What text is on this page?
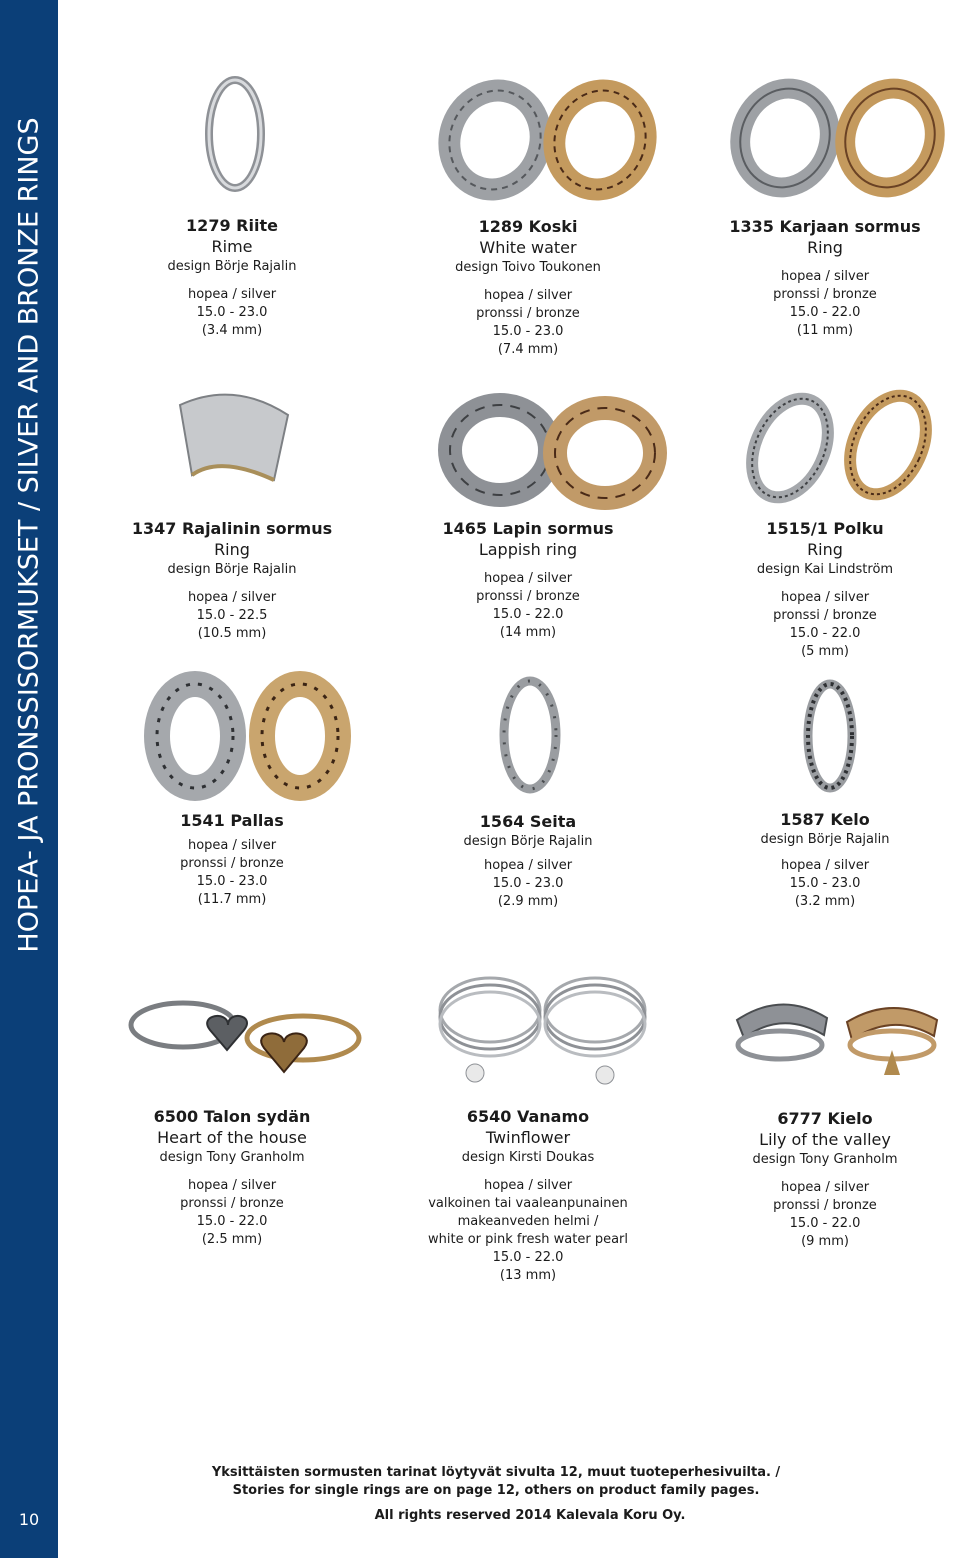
HOPEA- JA PRONSSISORMUKSET / SILVER AND BRONZE RINGS
10
1279 Riite
Rime
design Börje Rajalin
hopea / silver
15.0 - 23.0
(3.4 mm)
1289 Koski
White water
design Toivo Toukonen
hopea / silver
pronssi / bronze
15.0 - 23.0
(7.4 mm)
1335 Karjaan sormus
Ring
hopea / silver
pronssi / bronze
15.0 - 22.0
(11 mm)
1347 Rajalinin sormus
Ring
design Börje Rajalin
hopea / silver
15.0 - 22.5
(10.5 mm)
1465 Lapin sormus
Lappish ring
hopea / silver
pronssi / bronze
15.0 - 22.0
(14 mm)
1515/1 Polku
Ring
design Kai Lindström
hopea / silver
pronssi / bronze
15.0 - 22.0
(5 mm)
1541 Pallas
hopea / silver
pronssi / bronze
15.0 - 23.0
(11.7 mm)
1564 Seita
design Börje Rajalin
hopea / silver
15.0 - 23.0
(2.9 mm)
1587 Kelo
design Börje Rajalin
hopea / silver
15.0 - 23.0
(3.2 mm)
6500 Talon sydän
Heart of the house
design Tony Granholm
hopea / silver
pronssi / bronze
15.0 - 22.0
(2.5 mm)
6540 Vanamo
Twinflower
design Kirsti Doukas
hopea / silver
valkoinen tai vaaleanpunainen
makeanveden helmi /
white or pink fresh water pearl
15.0 - 22.0
(13 mm)
6777 Kielo
Lily of the valley
design Tony Granholm
hopea / silver
pronssi / bronze
15.0 - 22.0
(9 mm)
Yksittäisten sormusten tarinat löytyvät sivulta 12, muut tuoteperhesivuilta. /
Stories for single rings are on page 12, others on product family pages.
All rights reserved 2014 Kalevala Koru Oy.
